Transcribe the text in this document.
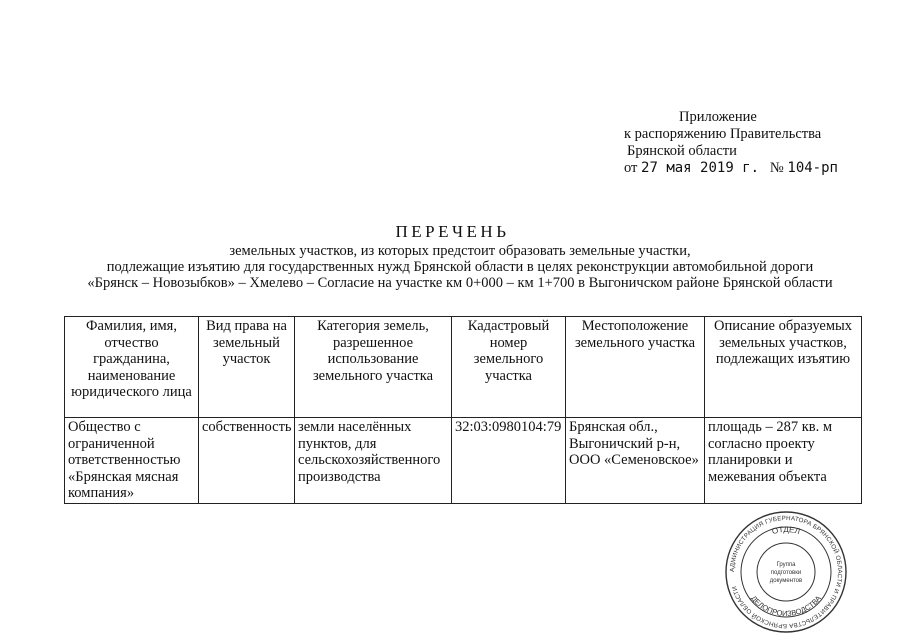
Приложение
к распоряжению Правительства
Брянской области
от 27 мая 2019 г. № 104-рп
ПЕРЕЧЕНЬ
земельных участков, из которых предстоит образовать земельные участки,
подлежащие изъятию для государственных нужд Брянской области в целях реконструкции автомобильной дороги
«Брянск – Новозыбков» – Хмелево – Согласие на участке км 0+000 – км 1+700 в Выгоничском районе Брянской области
Фамилия, имя, отчество гражданина, наименование юридического лица	Вид права на земельный участок	Категория земель, разрешенное использование земельного участка	Кадастровый номер земельного участка	Местоположение земельного участка	Описание образуемых земельных участков, подлежащих изъятию
Общество с ограниченной ответственностью «Брянская мясная компания»	собственность	земли населённых пунктов, для сельскохозяйственного производства	32:03:0980104:79	Брянская обл., Выгоничский р-н, ООО «Семеновское»	площадь – 287 кв. м согласно проекту планировки и межевания объекта
АДМИНИСТРАЦИЯ ГУБЕРНАТОРА БРЯНСКОЙ ОБЛАСТИ И ПРАВИТЕЛЬСТВА БРЯНСКОЙ ОБЛАСТИ
ОТДЕЛ
ДЕЛОПРОИЗВОДСТВА
Группа
подготовки
документов
